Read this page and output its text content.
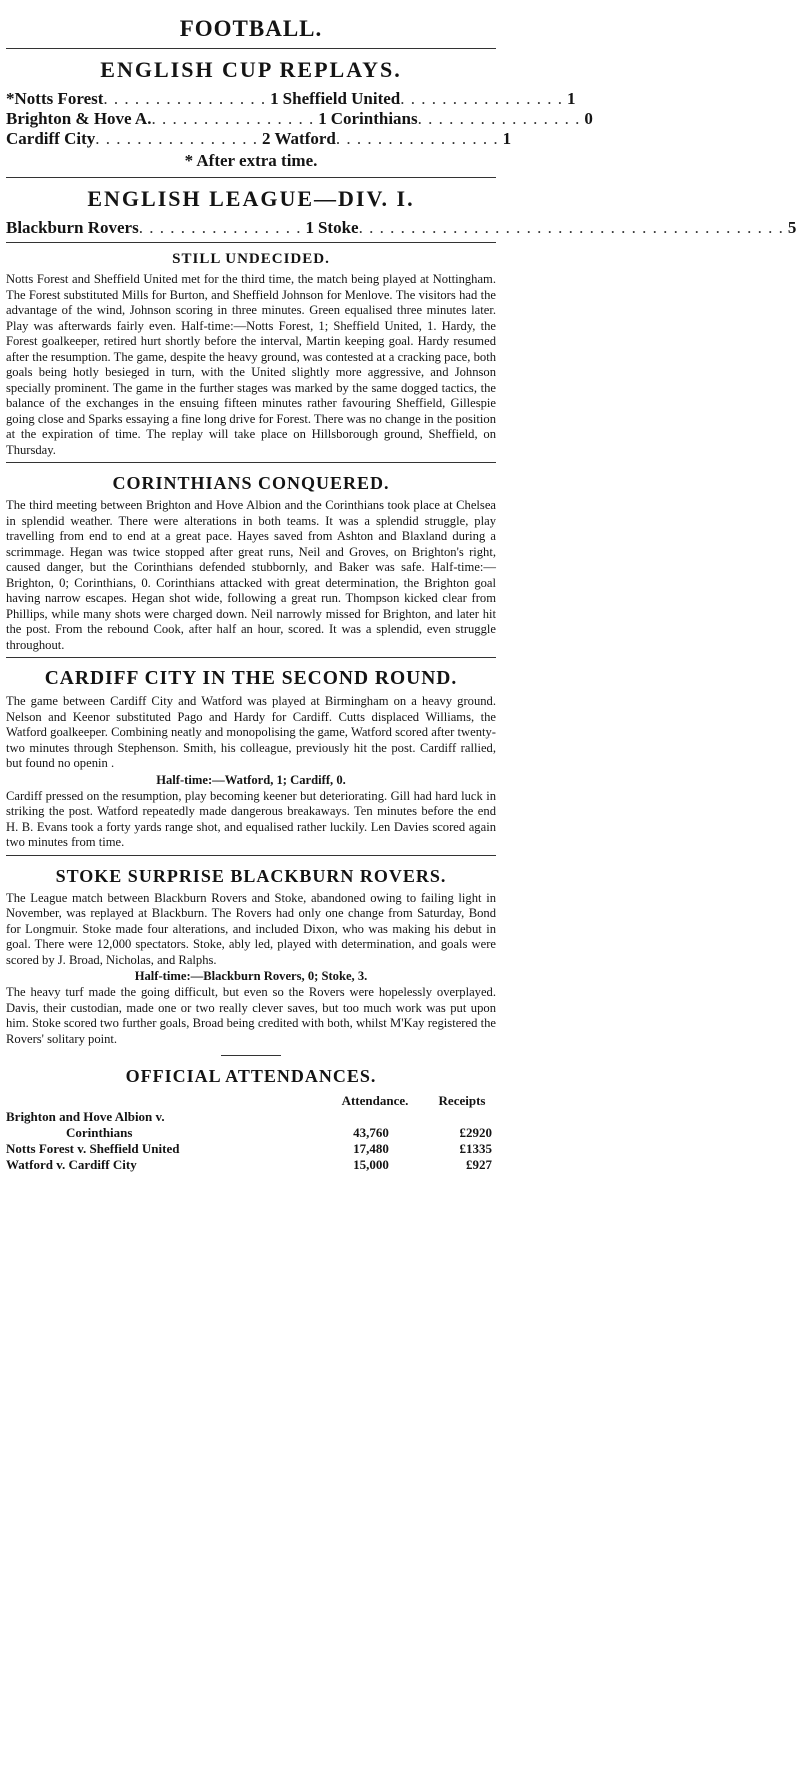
FOOTBALL.
ENGLISH CUP REPLAYS.
*Notts Forest . . . . . . . . . . . . . . . . 1 Sheffield United . . . . . . . . . . . . . . . . 1
Brighton & Hove A. . . . . . . . . . . . . . . . . 1 Corinthians . . . . . . . . . . . . . . . . 0
Cardiff City . . . . . . . . . . . . . . . . 2 Watford . . . . . . . . . . . . . . . . 1
* After extra time.
ENGLISH LEAGUE—DIV. I.
Blackburn Rovers . . . . . . . . . . . . . . . . 1 Stoke . . . . . . . . . . . . . . . . . . . . . . . . . . . . . . . . . . . . . . . . . 5
STILL UNDECIDED.

Notts Forest and Sheffield United met for the third time, the match being played at Nottingham. The Forest substituted Mills for Burton, and Sheffield Johnson for Menlove. The visitors had the advantage of the wind, Johnson scoring in three minutes. Green equalised three minutes later. Play was afterwards fairly even. Half-time:—Notts Forest, 1; Sheffield United, 1. Hardy, the Forest goalkeeper, retired hurt shortly before the interval, Martin keeping goal. Hardy resumed after the resumption. The game, despite the heavy ground, was contested at a cracking pace, both goals being hotly besieged in turn, with the United slightly more aggressive, and Johnson specially prominent. The game in the further stages was marked by the same dogged tactics, the balance of the exchanges in the ensuing fifteen minutes rather favouring Sheffield, Gillespie going close and Sparks essaying a fine long drive for Forest. There was no change in the position at the expiration of time. The replay will take place on Hillsborough ground, Sheffield, on Thursday.

CORINTHIANS CONQUERED.

The third meeting between Brighton and Hove Albion and the Corinthians took place at Chelsea in splendid weather. There were alterations in both teams. It was a splendid struggle, play travelling from end to end at a great pace. Hayes saved from Ashton and Blaxland during a scrimmage. Hegan was twice stopped after great runs, Neil and Groves, on Brighton's right, caused danger, but the Corinthians defended stubbornly, and Baker was safe. Half-time:—Brighton, 0; Corinthians, 0. Corinthians attacked with great determination, the Brighton goal having narrow escapes. Hegan shot wide, following a great run. Thompson kicked clear from Phillips, while many shots were charged down. Neil narrowly missed for Brighton, and later hit the post. From the rebound Cook, after half an hour, scored. It was a splendid, even struggle throughout.

CARDIFF CITY IN THE SECOND ROUND.

The game between Cardiff City and Watford was played at Birmingham on a heavy ground. Nelson and Keenor substituted Pago and Hardy for Cardiff. Cutts displaced Williams, the Watford goalkeeper. Combining neatly and monopolising the game, Watford scored after twenty-two minutes through Stephenson. Smith, his colleague, previously hit the post. Cardiff rallied, but found no openin .

Half-time:—Watford, 1; Cardiff, 0.

Cardiff pressed on the resumption, play becoming keener but deteriorating. Gill had hard luck in striking the post. Watford repeatedly made dangerous breakaways. Ten minutes before the end H. B. Evans took a forty yards range shot, and equalised rather luckily. Len Davies scored again two minutes from time.

STOKE SURPRISE BLACKBURN ROVERS.

The League match between Blackburn Rovers and Stoke, abandoned owing to failing light in November, was replayed at Blackburn. The Rovers had only one change from Saturday, Bond for Longmuir. Stoke made four alterations, and included Dixon, who was making his debut in goal. There were 12,000 spectators. Stoke, ably led, played with determination, and goals were scored by J. Broad, Nicholas, and Ralphs.

Half-time:—Blackburn Rovers, 0; Stoke, 3.

The heavy turf made the going difficult, but even so the Rovers were hopelessly overplayed. Davis, their custodian, made one or two really clever saves, but too much work was put upon him. Stoke scored two further goals, Broad being credited with both, whilst M'Kay registered the Rovers' solitary point.

OFFICIAL ATTENDANCES.
Attendance.	Receipts
Brighton and Hove Albion v.
Corinthians	43,760	£2920
Notts Forest v. Sheffield United	17,480	£1335
Watford v. Cardiff City	15,000	£927
